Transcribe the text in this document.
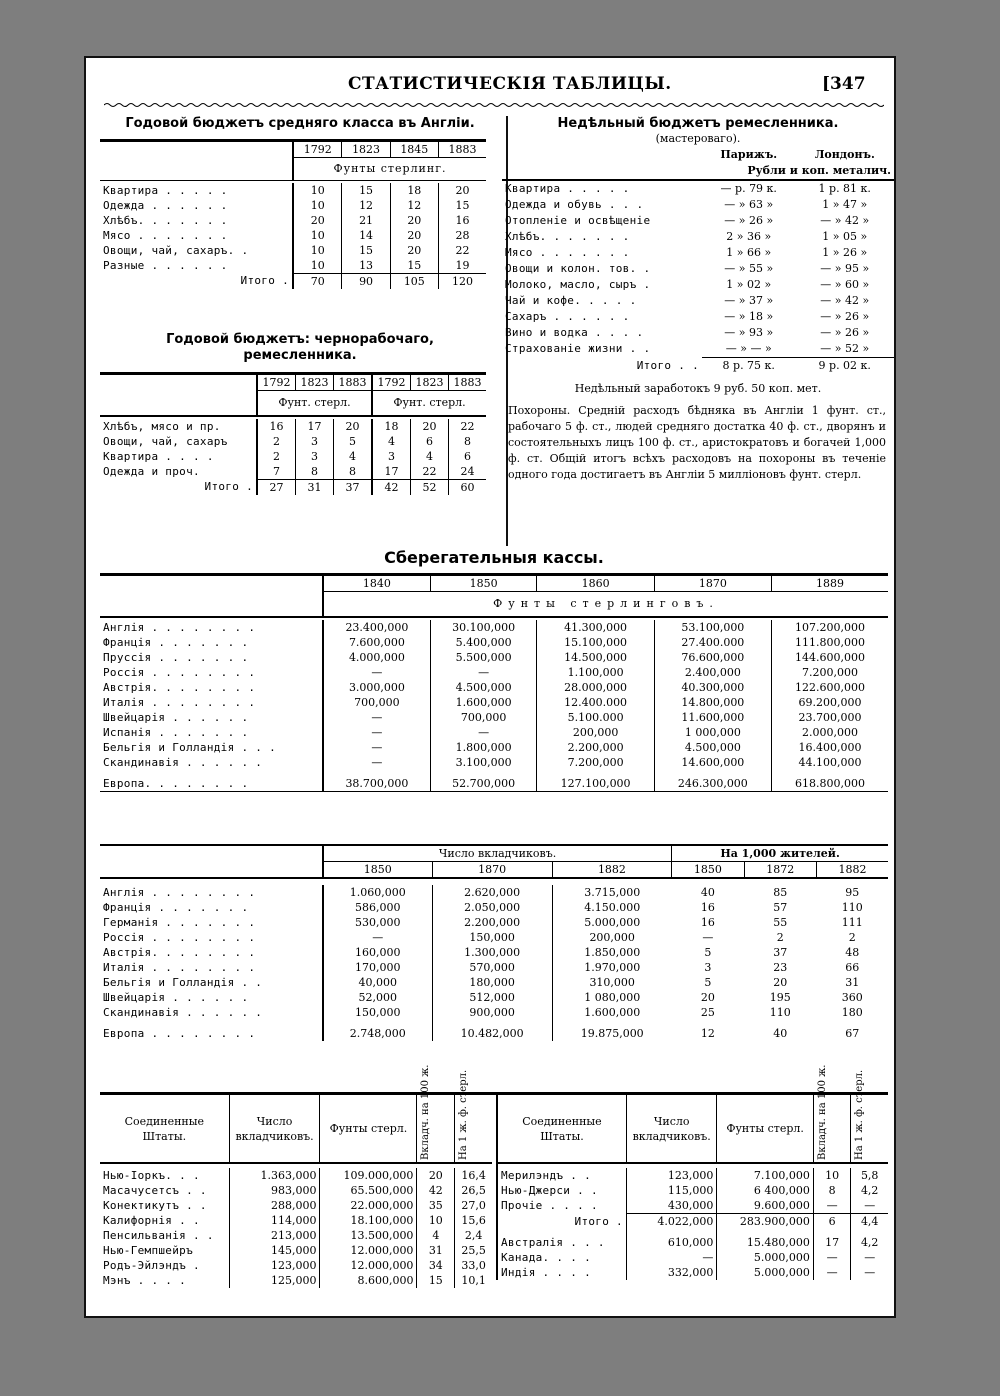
СТАТИСТИЧЕСКІЯ ТАБЛИЦЫ.	[347
Годовой бюджетъ средняго класса въ Англіи.
	1792	1823	1845	1883
	Фунты стерлинг.			

Квартира . . . . .	10	15	18	20
Одежда . . . . . .	10	12	12	15
Хлѣбъ. . . . . . .	20	21	20	16
Мясо . . . . . . .	10	14	20	28
Овощи, чай, сахаръ. .	10	15	20	22
Разные . . . . . .	10	13	15	19
Итого .	70	90	105	120
Годовой бюджетъ: чернорабочаго, ремесленника.
	1792	1823	1883	1792	1823	1883
	Фунт. стерл.			Фунт. стерл.		

Хлѣбъ, мясо и пр.	16	17	20	18	20	22
Овощи, чай, сахаръ	2	3	5	4	6	8
Квартира . . . .	2	3	4	3	4	6
Одежда и проч.	7	8	8	17	22	24
Итого .	27	31	37	42	52	60
Недѣльный бюджетъ ремесленника.
(мастероваго).
	Парижъ.	Лондонъ.
	Рубли и коп. металич.	

Квартира . . . . .	— р. 79 к.	1 р. 81 к.
Одежда и обувь . . .	— » 63 »	1 » 47 »
Отопленіе и освѣщеніе	— » 26 »	— » 42 »
Хлѣбъ. . . . . . .	2 » 36 »	1 » 05 »
Мясо . . . . . . .	1 » 66 »	1 » 26 »
Овощи и колон. тов. .	— » 55 »	— » 95 »
Молоко, масло, сыръ .	1 » 02 »	— » 60 »
Чай и кофе. . . . .	— » 37 »	— » 42 »
Сахаръ . . . . . .	— » 18 »	— » 26 »
Вино и водка . . . .	— » 93 »	— » 26 »
Страхованіе жизни . .	— » — »	— » 52 »
Итого . .	8 р. 75 к.	9 р. 02 к.
Недѣльный заработокъ 9 руб. 50 коп. мет.
Похороны. Средній расходъ бѣдняка въ Англіи 1 фунт. ст., рабочаго 5 ф. ст., людей средняго достатка 40 ф. ст., дворянъ и состоятельныхъ лицъ 100 ф. ст., аристократовъ и богачей 1,000 ф. ст. Общій итогъ всѣхъ расходовъ на похороны въ теченіе одного года достигаетъ въ Англіи 5 милліоновъ фунт. стерл.
Сберегательныя кассы.
	1840	1850	1860	1870	1889
	Фунты стерлинговъ.				

Англія . . . . . . . .	23.400,000	30.100,000	41.300,000	53.100,000	107.200,000
Франція . . . . . . .	7.600,000	5.400,000	15.100,000	27.400.000	111.800,000
Пруссія . . . . . . .	4.000,000	5.500,000	14.500,000	76.600,000	144.600,000
Россія . . . . . . . .	—	—	1.100,000	2.400,000	7.200,000
Австрія. . . . . . . .	3.000,000	4.500,000	28.000,000	40.300,000	122.600,000
Италія . . . . . . . .	700,000	1.600,000	12.400.000	14.800,000	69.200,000
Швейцарія . . . . . .	—	700,000	5.100.000	11.600,000	23.700,000
Испанія . . . . . . .	—	—	200,000	1 000,000	2.000,000
Бельгія и Голландія . . .	—	1.800,000	2.200,000	4.500,000	16.400,000
Скандинавія . . . . . .	—	3.100,000	7.200,000	14.600,000	44.100,000

Европа. . . . . . . .	38.700,000	52.700,000	127.100,000	246.300,000	618.800,000

	Число вкладчиковъ.			На 1,000 жителей.		
	1850	1870	1882	1850	1872	1882

Англія . . . . . . . .	1.060,000	2.620,000	3.715,000	40	85	95
Франція . . . . . . .	586,000	2.050,000	4.150.000	16	57	110
Германія . . . . . . .	530,000	2.200,000	5.000,000	16	55	111
Россія . . . . . . . .	—	150,000	200,000	—	2	2
Австрія. . . . . . . .	160,000	1.300,000	1.850,000	5	37	48
Италія . . . . . . . .	170,000	570,000	1.970,000	3	23	66
Бельгія и Голландія . .	40,000	180,000	310,000	5	20	31
Швейцарія . . . . . .	52,000	512,000	1 080,000	20	195	360
Скандинавія . . . . . .	150,000	900,000	1.600,000	25	110	180

Европа . . . . . . . .	2.748,000	10.482,000	19.875,000	12	40	67
Соединенные Штаты.	Число вкладчиковъ.	Фунты стерл.	Вкладч. на 100 ж.	На 1 ж. ф. стерл.

Нью-Іоркъ. . .	1.363,000	109.000,000	20	16,4
Масачусетсъ . .	983,000	65.500,000	42	26,5
Конектикутъ . .	288,000	22.000,000	35	27,0
Калифорнія . .	114,000	18.100,000	10	15,6
Пенсильванія . .	213,000	13.500,000	4	2,4
Нью-Гемпшейръ	145,000	12.000,000	31	25,5
Родъ-Эйлэндъ .	123,000	12.000,000	34	33,0
Мэнъ . . . .	125,000	8.600,000	15	10,1
Соединенные Штаты.	Число вкладчиковъ.	Фунты стерл.	Вкладч. на 100 ж.	На 1 ж. ф. стерл.

Мерилэндъ . .	123,000	7.100,000	10	5,8
Нью-Джерси . .	115,000	6 400,000	8	4,2
Прочіе . . . .	430,000	9.600,000	—	—
Итого .	4.022,000	283.900,000	6	4,4

Австралія . . .	610,000	15.480,000	17	4,2
Канада. . . .	—	5.000,000	—	—
Индія . . . .	332,000	5.000,000	—	—
